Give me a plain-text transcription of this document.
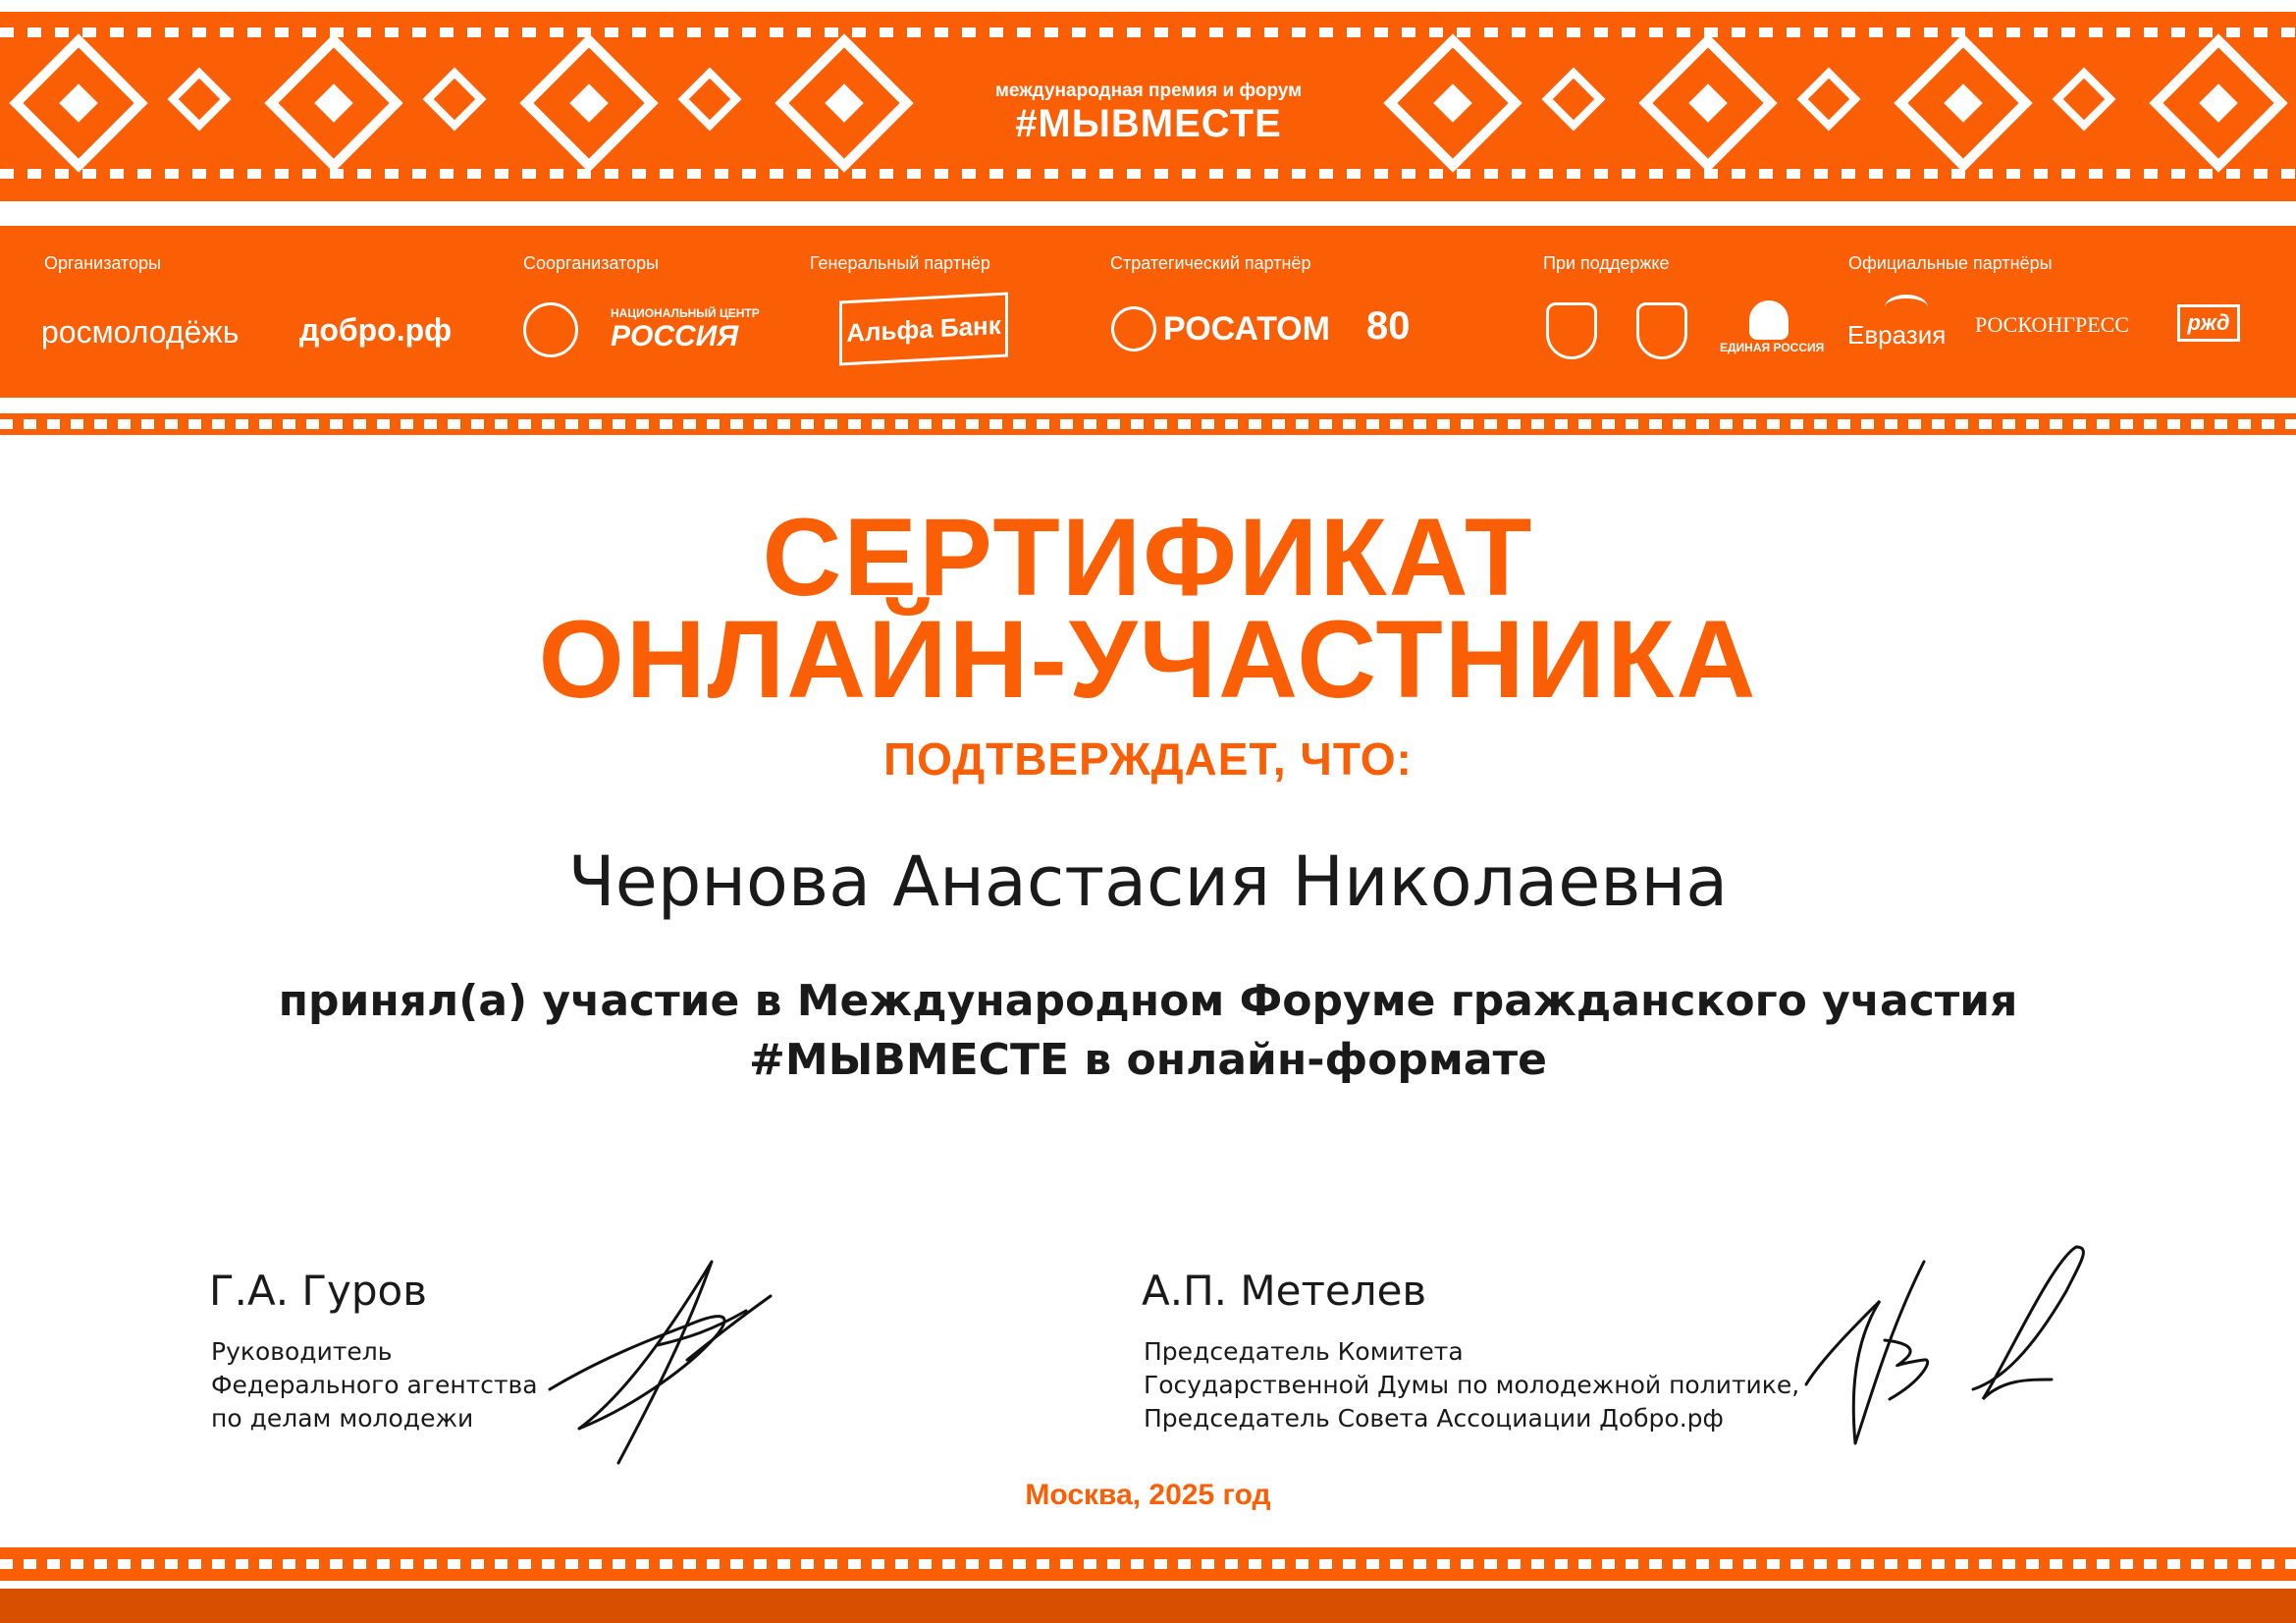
международная премия и форум
#МЫВМЕСТЕ
Организаторы
росмолодёжь добро.рф
Соорганизаторы
НАЦИОНАЛЬНЫЙ ЦЕНТР
РОССИЯ
Генеральный партнёр
Альфа Банк
Стратегический партнёр
РОСАТОМ 80
При поддержке
ЕДИНАЯ РОССИЯ
Официальные партнёры
Евразия РОСКОНГРЕСС	ржд
СЕРТИФИКАТ
ОНЛАЙН-УЧАСТНИКА
ПОДТВЕРЖДАЕТ, ЧТО:
Чернова Анастасия Николаевна
принял(а) участие в Международном Форуме гражданского участия
#МЫВМЕСТЕ в онлайн-формате
Г.А. Гуров
Руководитель
Федерального агентства
по делам молодежи
А.П. Метелев
Председатель Комитета
Государственной Думы по молодежной политике,
Председатель Совета Ассоциации Добро.рф
Москва, 2025 год
